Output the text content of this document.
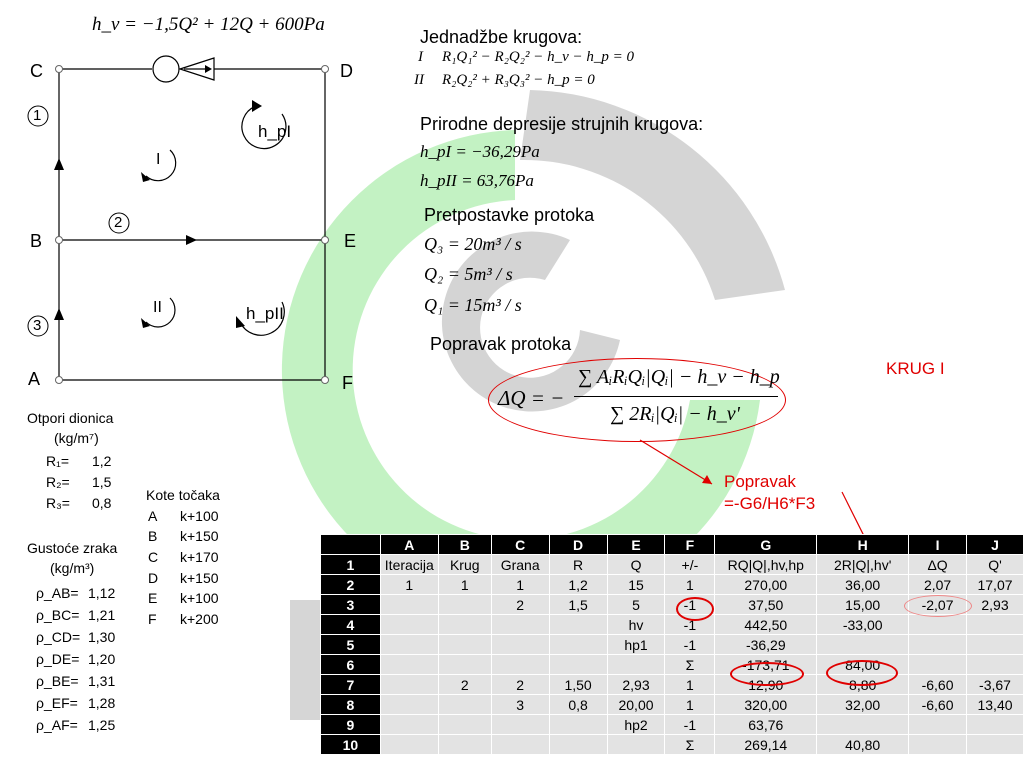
h_v = −1,5Q² + 12Q + 600Pa
C	D
B	E
A	F
1
2
3
I
II
h_pI
h_pII
Jednadžbe krugova:
I R₁Q₁² − R₂Q₂² − h_v − h_p = 0
II R₂Q₂² + R₃Q₃² − h_p = 0
Prirodne depresije strujnih krugova:
h_pI = −36,29Pa
h_pII = 63,76Pa
Pretpostavke protoka
Q₃ = 20m³ / s
Q₂ = 5m³ / s
Q₁ = 15m³ / s
Popravak protoka
ΔQ = −
∑ AᵢRᵢQᵢ|Qᵢ| − h_v − h_p
∑ 2Rᵢ|Qᵢ| − h_v'
KRUG I
Popravak
=-G6/H6*F3
Otpori dionica
(kg/m⁷)
R₁= 1,2
R₂= 1,5
R₃= 0,8 Kote točaka
A k+100
B k+150
C k+170
D k+150
E k+100
F k+200
Gustoće zraka
(kg/m³)
ρ_AB= 1,12
ρ_BC= 1,21
ρ_CD= 1,30
ρ_DE= 1,20
ρ_BE= 1,31
ρ_EF= 1,28
ρ_AF= 1,25
	A	B	C	D	E	F	G	H	I	J
1	Iteracija	Krug	Grana	R	Q	+/-	RQ|Q|,hv,hp	2R|Q|,hv'	ΔQ	Q'
2	1	1	1	1,2	15	1	270,00	36,00	2,07	17,07
3			2	1,5	5	-1	37,50	15,00	-2,07	2,93
4					hv	-1	442,50	-33,00		
5					hp1	-1	-36,29			
6						Σ	-173,71	84,00		
7		2	2	1,50	2,93	1	12,90	8,80	-6,60	-3,67
8			3	0,8	20,00	1	320,00	32,00	-6,60	13,40
9					hp2	-1	63,76			
10						Σ	269,14	40,80		
